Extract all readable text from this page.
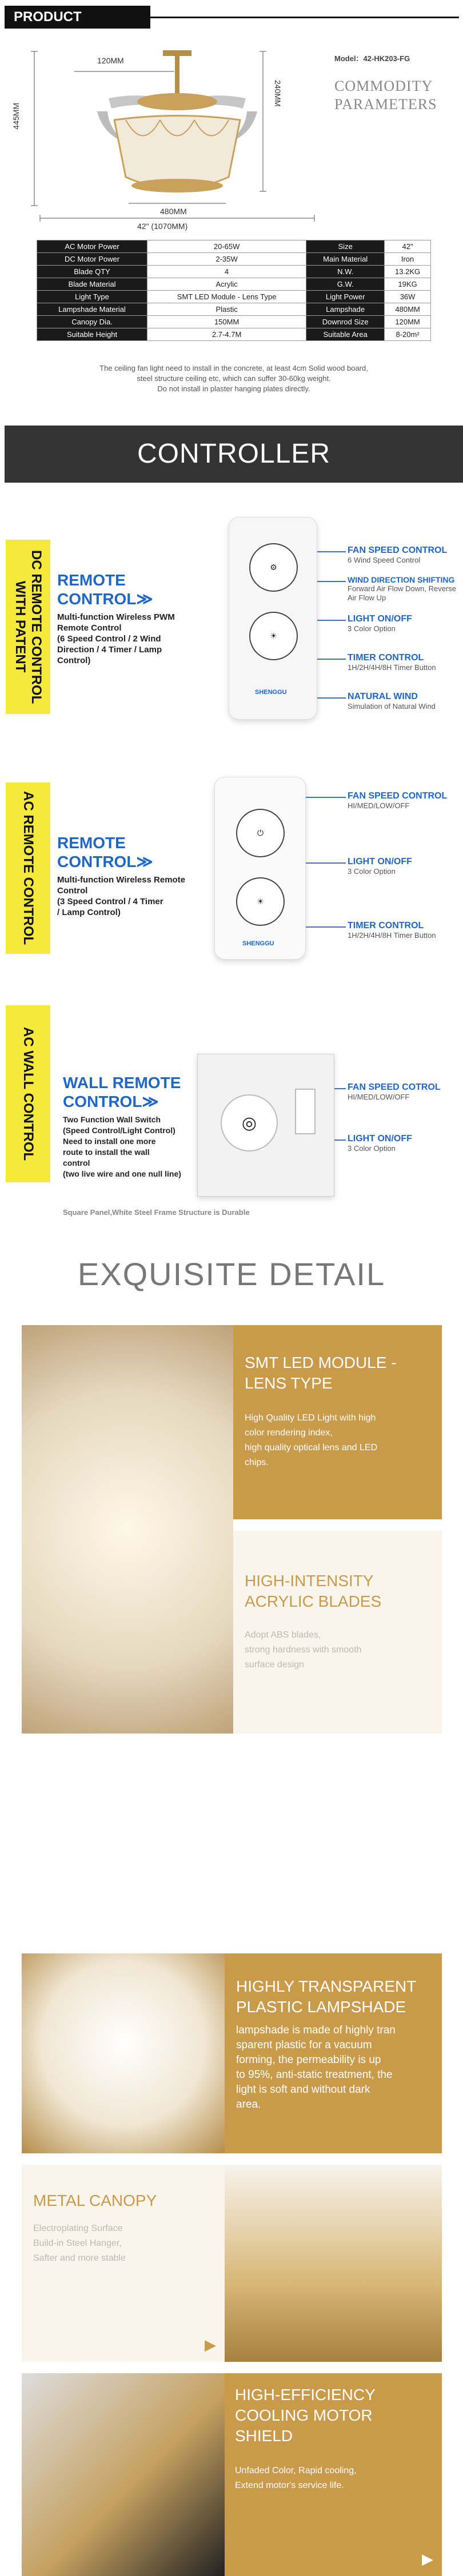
PRODUCT PARAMETER
Model：42-HK203-FG
COMMODITY
PARAMETERS
120MM
240MM
445MM
480MM
42" (1070MM)
AC Motor Power	20-65W	Size	42"
DC Motor Power	2-35W	Main Material	Iron
Blade QTY	4	N.W.	13.2KG
Blade Material	Acrylic	G.W.	19KG
Light Type	SMT LED Module - Lens Type	Light Power	36W
Lampshade Material	Plastic	Lampshade	480MM
Canopy Dia.	150MM	Downrod Size	120MM
Suitable Height	2.7-4.7M	Suitable Area	8-20m²
The ceiling fan light need to install in the concrete, at least 4cm Solid wood board,
steel structure ceiling etc, which can suffer 30-60kg weight.
Do not install in plaster hanging plates directly.
CONTROLLER
DC REMOTE CONTROL WITH PATENT
REMOTE CONTROL≫
Multi-function Wireless PWM
Remote Control
(6 Speed Control / 2 Wind
Direction / 4 Timer / Lamp
Control)
⚙
☀
SHENGGU
FAN SPEED CONTROL
6 Wind Speed Control
WIND DIRECTION SHIFTING
Forward Air Flow Down, Reverse Air Flow Up
LIGHT ON/OFF
3 Color Option
TIMER CONTROL
1H/2H/4H/8H Timer Button
NATURAL WIND
Simulation of Natural Wind
AC REMOTE CONTROL REMOTE CONTROL≫
Multi-function Wireless Remote
Control
(3 Speed Control / 4 Timer
/ Lamp Control)
⏻
☀
SHENGGU
FAN SPEED CONTROL
HI/MED/LOW/OFF
LIGHT ON/OFF
3 Color Option
TIMER CONTROL
1H/2H/4H/8H Timer Button
AC WALL CONTROL WALL REMOTE
CONTROL≫
Two Function Wall Switch
(Speed Control/Light Control)
Need to install one more
route to install the wall
control
(two live wire and one null line)
◎
FAN SPEED COTROL
HI/MED/LOW/OFF
LIGHT ON/OFF
3 Color Option
Square Panel,White Steel Frame Structure is Durable
EXQUISITE DETAIL
SMT LED MODULE -
LENS TYPE
High Quality LED Light with high
color rendering index,
high quality optical lens and LED
chips.
HIGH-INTENSITY
ACRYLIC BLADES
Adopt ABS blades,
strong hardness with smooth
surface design
HIGHLY TRANSPARENT
PLASTIC LAMPSHADE
lampshade is made of highly tran
sparent plastic for a vacuum
forming, the permeability is up
to 95%, anti-static treatment, the
light is soft and without dark
area.
METAL CANOPY
Electroplating Surface
Build-in Steel Hanger,
Safter and more stable
▶
HIGH-EFFICIENCY
COOLING MOTOR
SHIELD
Unfaded Color, Rapid cooling,
Extend motor's service life.
▶
